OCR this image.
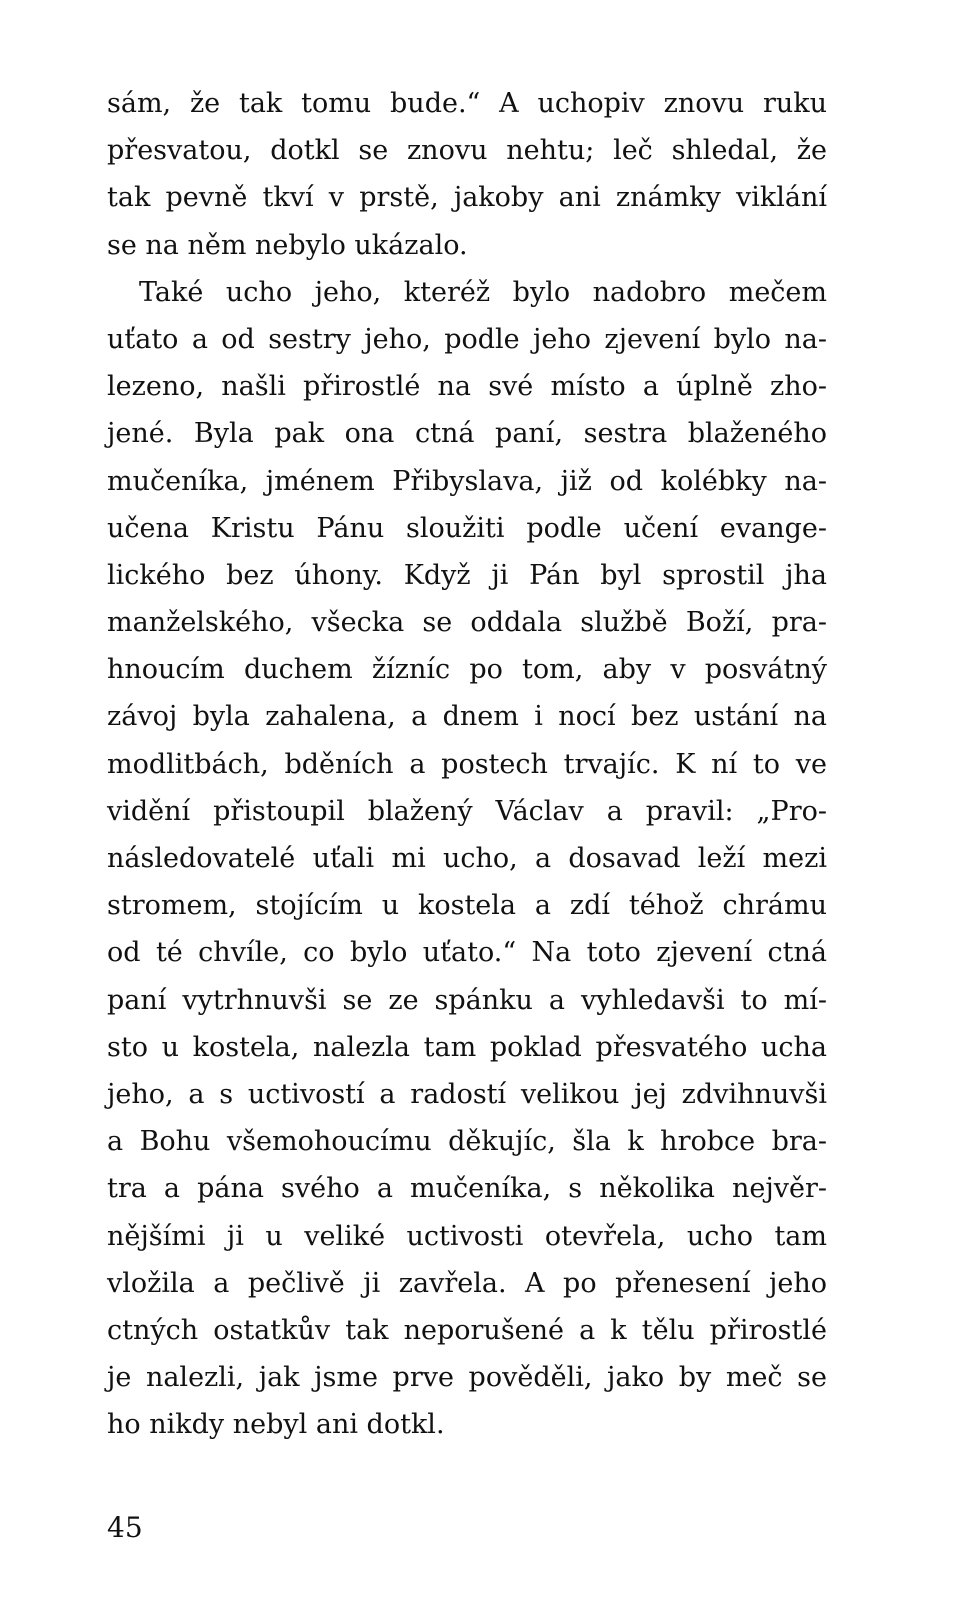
sám, že tak tomu bude.“ A uchopiv znovu ruku
přesvatou, dotkl se znovu nehtu; leč shledal, že
tak pevně tkví v prstě, jakoby ani známky viklání
se na něm nebylo ukázalo.
Také ucho jeho, kteréž bylo nadobro mečem
uťato a od sestry jeho, podle jeho zjevení bylo na‑
lezeno, našli přirostlé na své místo a úplně zho‑
jené. Byla pak ona ctná paní, sestra blaženého
mučeníka, jménem Přibyslava, již od kolébky na‑
učena Kristu Pánu sloužiti podle učení evange‑
lického bez úhony. Když ji Pán byl sprostil jha
manželského, všecka se oddala službě Boží, pra‑
hnoucím duchem žízníc po tom, aby v posvátný
závoj byla zahalena, a dnem i nocí bez ustání na
modlitbách, bděních a postech trvajíc. K ní to ve
vidění přistoupil blažený Václav a pravil: „Pro‑
následovatelé uťali mi ucho, a dosavad leží mezi
stromem, stojícím u kostela a zdí téhož chrámu
od té chvíle, co bylo uťato.“ Na toto zjevení ctná
paní vytrhnuvši se ze spánku a vyhledavši to mí‑
sto u kostela, nalezla tam poklad přesvatého ucha
jeho, a s uctivostí a radostí velikou jej zdvihnuvši
a Bohu všemohoucímu děkujíc, šla k hrobce bra‑
tra a pána svého a mučeníka, s několika nejvěr‑
nějšími ji u veliké uctivosti otevřela, ucho tam
vložila a pečlivě ji zavřela. A po přenesení jeho
ctných ostatkův tak neporušené a k tělu přirostlé
je nalezli, jak jsme prve pověděli, jako by meč se
ho nikdy nebyl ani dotkl.
45
